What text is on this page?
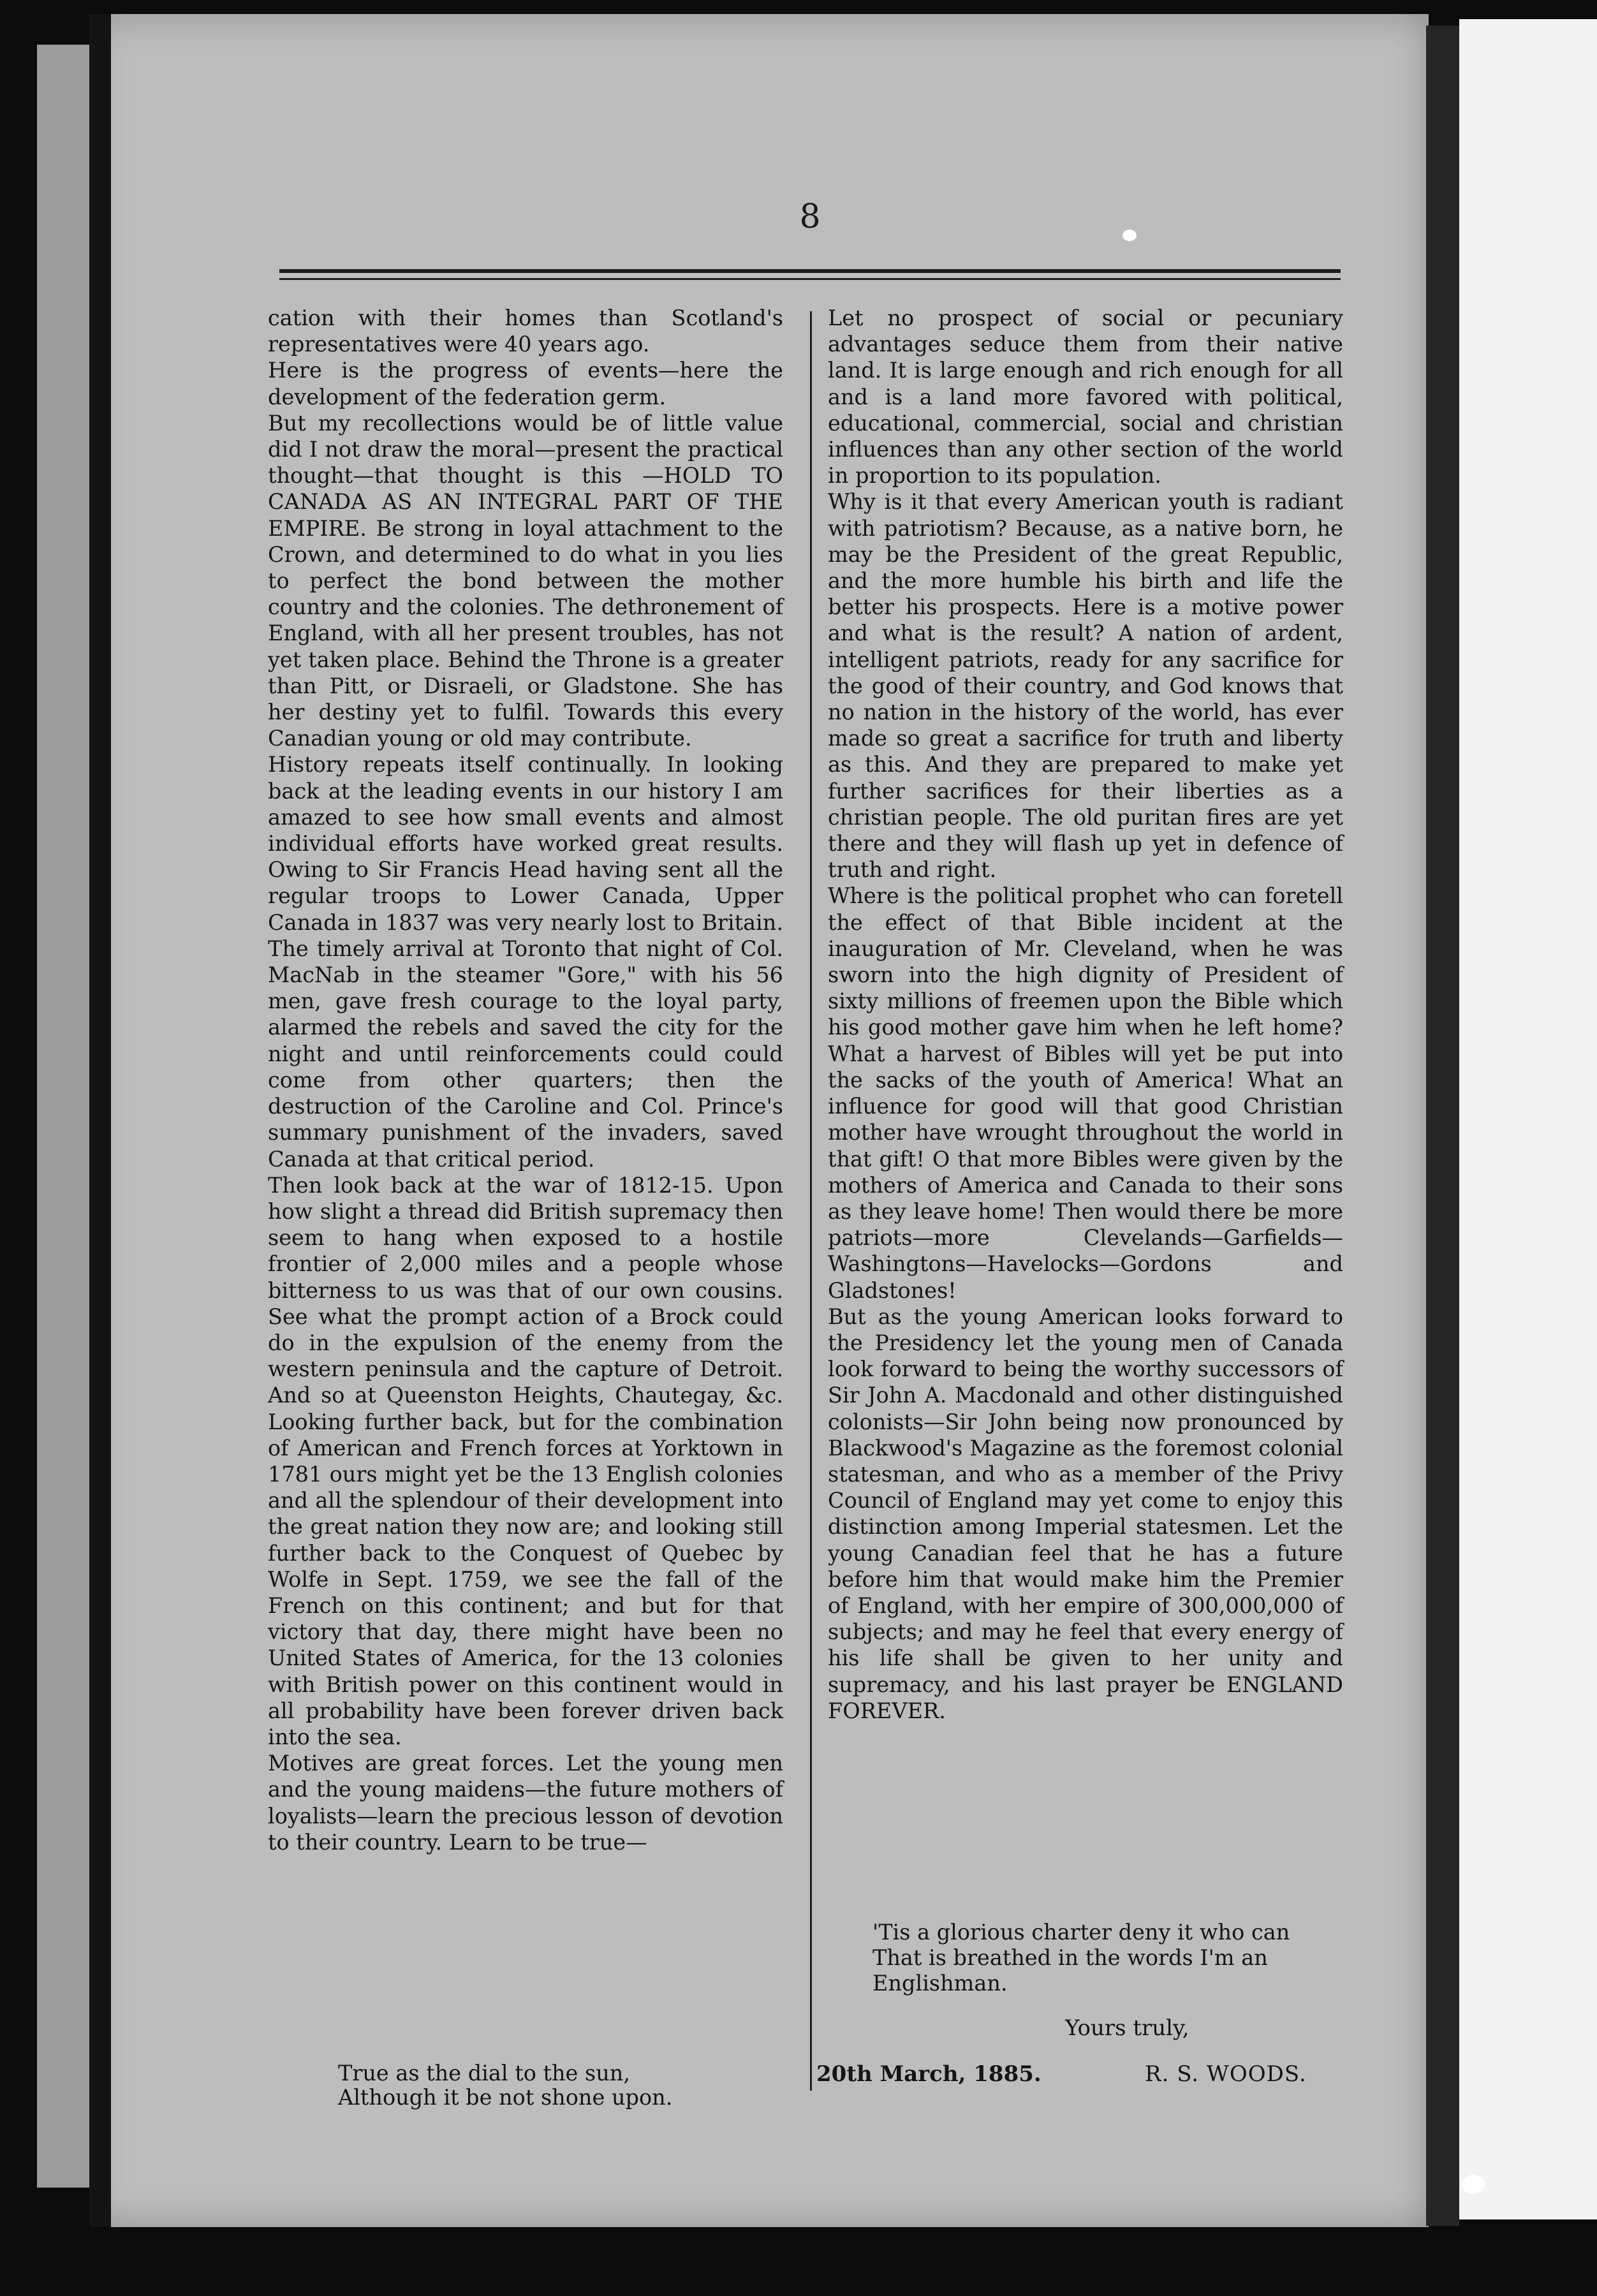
8
cation with their homes than Scotland's representatives were 40 years ago.
Here is the progress of events—here the development of the federation germ.
But my recollections would be of little value did I not draw the moral—present the practical thought—that thought is this —HOLD TO CANADA AS AN INTEGRAL PART OF THE EMPIRE. Be strong in loyal attachment to the Crown, and determined to do what in you lies to perfect the bond between the mother country and the colonies. The dethronement of England, with all her present troubles, has not yet taken place. Behind the Throne is a greater than Pitt, or Disraeli, or Gladstone. She has her destiny yet to fulfil. Towards this every Canadian young or old may contribute.
History repeats itself continually. In looking back at the leading events in our history I am amazed to see how small events and almost individual efforts have worked great results. Owing to Sir Francis Head having sent all the regular troops to Lower Canada, Upper Canada in 1837 was very nearly lost to Britain. The timely arrival at Toronto that night of Col. MacNab in the steamer "Gore," with his 56 men, gave fresh courage to the loyal party, alarmed the rebels and saved the city for the night and until reinforcements could could come from other quarters; then the destruction of the Caroline and Col. Prince's summary punishment of the invaders, saved Canada at that critical period.
Then look back at the war of 1812-15. Upon how slight a thread did British supremacy then seem to hang when exposed to a hostile frontier of 2,000 miles and a people whose bitterness to us was that of our own cousins. See what the prompt action of a Brock could do in the expulsion of the enemy from the western peninsula and the capture of Detroit. And so at Queenston Heights, Chautegay, &c. Looking further back, but for the combination of American and French forces at Yorktown in 1781 ours might yet be the 13 English colonies and all the splendour of their development into the great nation they now are; and looking still further back to the Conquest of Quebec by Wolfe in Sept. 1759, we see the fall of the French on this continent; and but for that victory that day, there might have been no United States of America, for the 13 colonies with British power on this continent would in all probability have been forever driven back into the sea.
Motives are great forces. Let the young men and the young maidens—the future mothers of loyalists—learn the precious lesson of devotion to their country. Learn to be true—
Let no prospect of social or pecuniary advantages seduce them from their native land. It is large enough and rich enough for all and is a land more favored with political, educational, commercial, social and christian influences than any other section of the world in proportion to its population.
Why is it that every American youth is radiant with patriotism? Because, as a native born, he may be the President of the great Republic, and the more humble his birth and life the better his prospects. Here is a motive power and what is the result? A nation of ardent, intelligent patriots, ready for any sacrifice for the good of their country, and God knows that no nation in the history of the world, has ever made so great a sacrifice for truth and liberty as this. And they are prepared to make yet further sacrifices for their liberties as a christian people. The old puritan fires are yet there and they will flash up yet in defence of truth and right.
Where is the political prophet who can foretell the effect of that Bible incident at the inauguration of Mr. Cleveland, when he was sworn into the high dignity of President of sixty millions of freemen upon the Bible which his good mother gave him when he left home? What a harvest of Bibles will yet be put into the sacks of the youth of America! What an influence for good will that good Christian mother have wrought throughout the world in that gift! O that more Bibles were given by the mothers of America and Canada to their sons as they leave home! Then would there be more patriots—more Clevelands—Garfields—Washingtons—Havelocks—Gordons and Gladstones!
But as the young American looks forward to the Presidency let the young men of Canada look forward to being the worthy successors of Sir John A. Macdonald and other distinguished colonists—Sir John being now pronounced by Blackwood's Magazine as the foremost colonial statesman, and who as a member of the Privy Council of England may yet come to enjoy this distinction among Imperial statesmen. Let the young Canadian feel that he has a future before him that would make him the Premier of England, with her empire of 300,000,000 of subjects; and may he feel that every energy of his life shall be given to her unity and supremacy, and his last prayer be ENGLAND FOREVER.
True as the dial to the sun,
Although it be not shone upon.
'Tis a glorious charter deny it who can
That is breathed in the words I'm an
Englishman.
Yours truly,
20th March, 1885.	R. S. WOODS.
